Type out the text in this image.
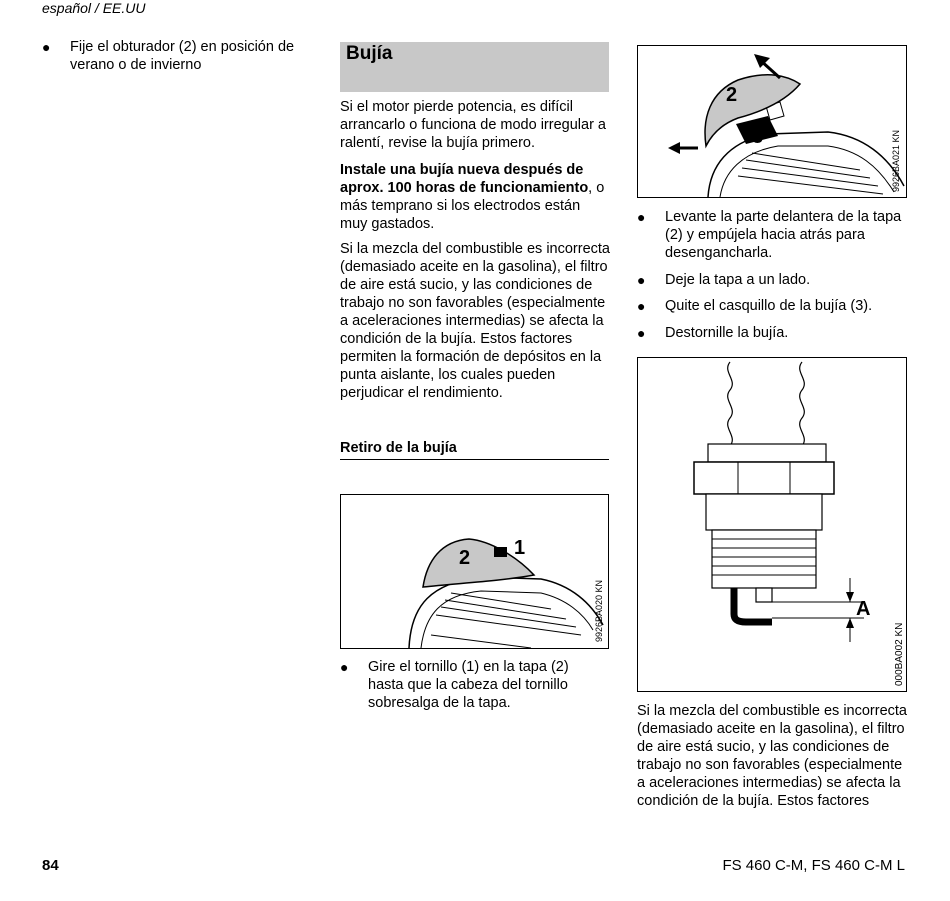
español / EE.UU
● Fije el obturador (2) en posición de verano o de invierno

Bujía

Si el motor pierde potencia, es difícil arrancarlo o funciona de modo irregular a ralentí, revise la bujía primero.

Instale una bujía nueva después de aprox. 100 horas de funcionamiento, o más temprano si los electrodos están muy gastados.

Si la mezcla del combustible es incorrecta (demasiado aceite en la gasolina), el filtro de aire está sucio, y las condiciones de trabajo no son favorables (especialmente a aceleraciones intermedias) se afecta la condición de la bujía. Estos factores permiten la formación de depósitos en la punta aislante, los cuales pueden perjudicar el rendimiento.

Retiro de la bujía
2 1
9926BA020 KN
● Gire el tornillo (1) en la tapa (2) hasta que la cabeza del tornillo sobresalga de la tapa.

2
3	9926BA021 KN
● Levante la parte delantera de la tapa (2) y empújela hacia atrás para desengancharla.

● Deje la tapa a un lado.

● Quite el casquillo de la bujía (3).

● Destornille la bujía.

A
000BA002 KN

Si la mezcla del combustible es incorrecta (demasiado aceite en la gasolina), el filtro de aire está sucio, y las condiciones de trabajo no son favorables (especialmente a aceleraciones intermedias) se afecta la condición de la bujía. Estos factores

84	FS 460 C-M, FS 460 C-M L
